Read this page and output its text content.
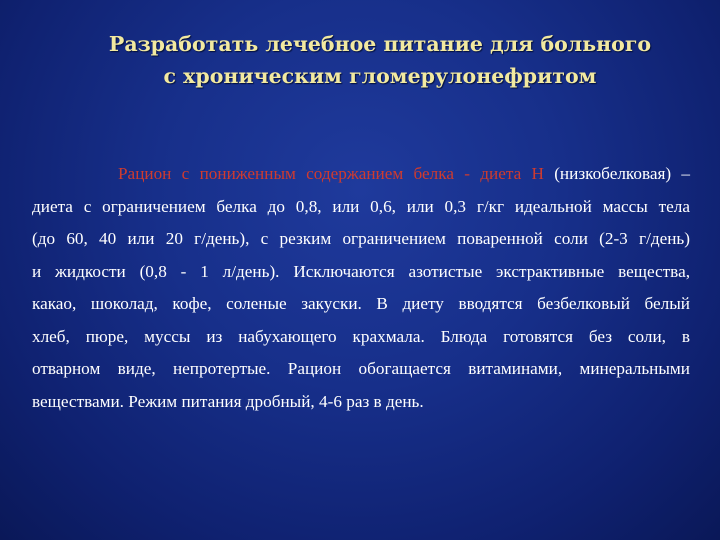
Разработать лечебное питание для больного
с хроническим гломерулонефритом
Рацион с пониженным содержанием белка - диета Н (низкобелковая) –
диета с ограничением белка до 0,8, или 0,6, или 0,3 г/кг идеальной массы тела
(до 60, 40 или 20 г/день), с резким ограничением поваренной соли (2-3 г/день)
и жидкости (0,8 - 1 л/день). Исключаются азотистые экстрактивные вещества,
какао, шоколад, кофе, соленые закуски. В диету вводятся безбелковый белый
хлеб, пюре, муссы из набухающего крахмала. Блюда готовятся без соли, в
отварном виде, непротертые. Рацион обогащается витаминами, минеральными
веществами. Режим питания дробный, 4-6 раз в день.
